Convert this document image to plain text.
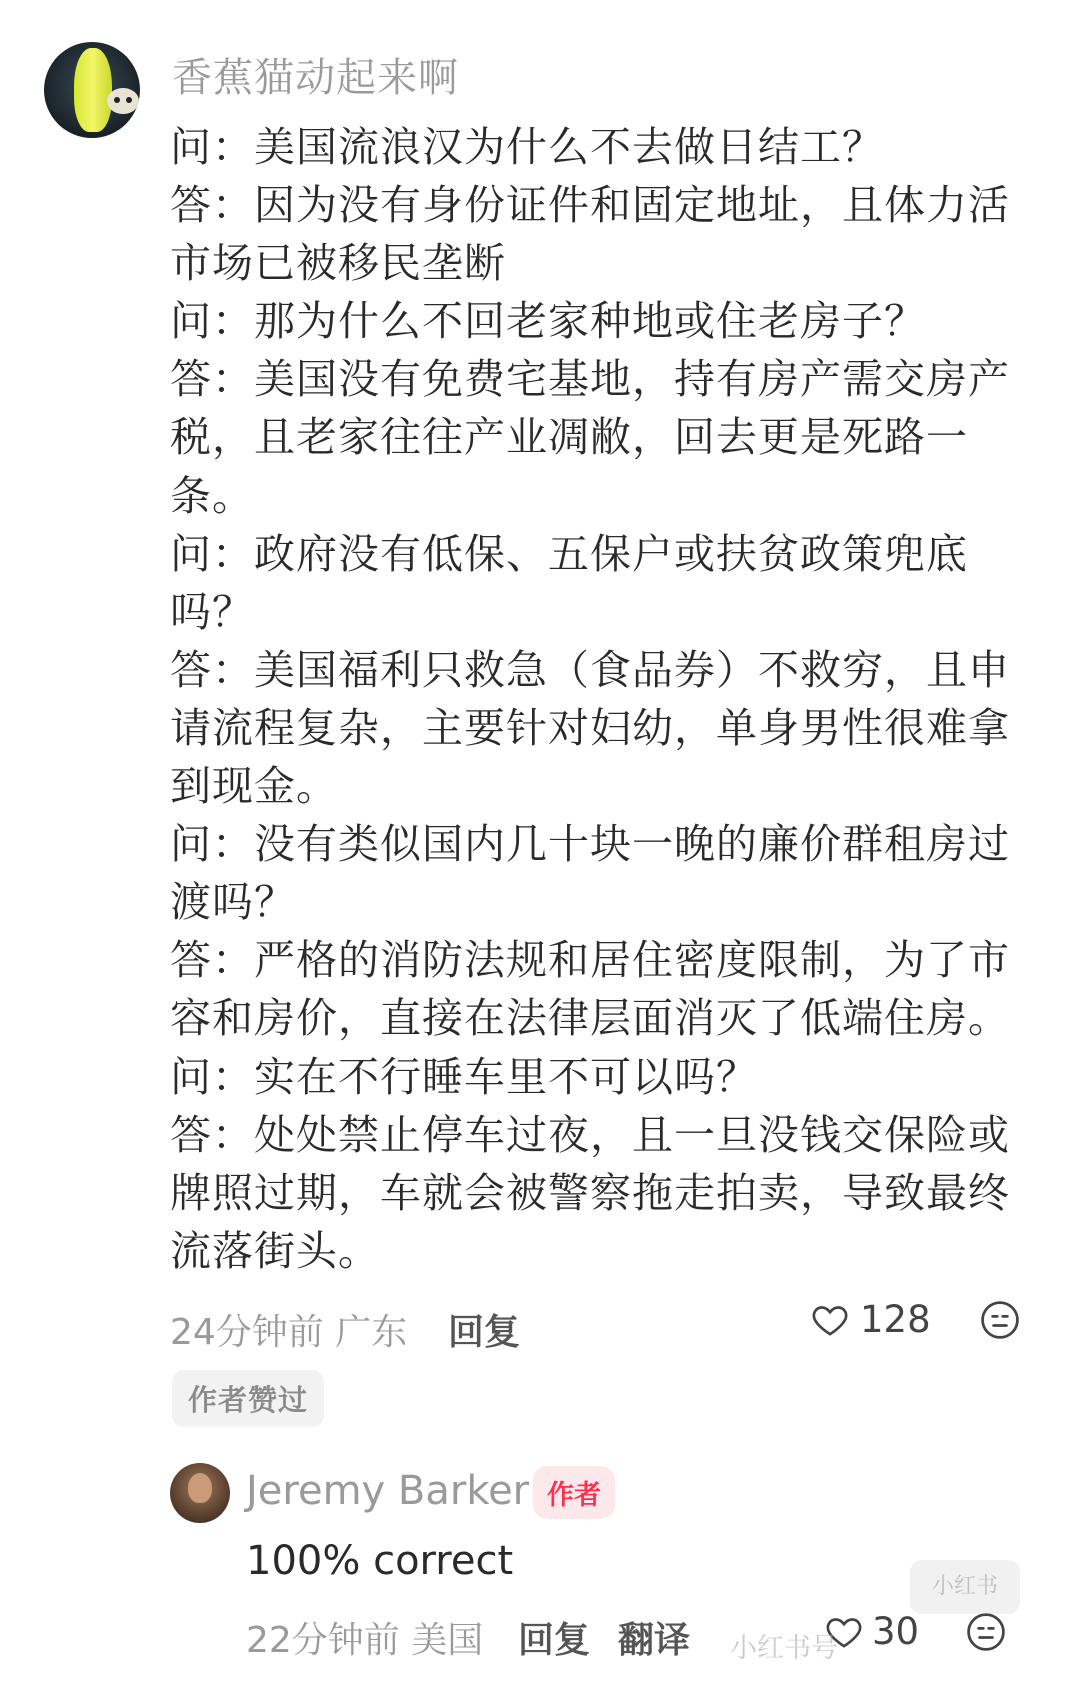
香蕉猫动起来啊
问：美国流浪汉为什么不去做日结工？
答：因为没有身份证件和固定地址，且体力活
市场已被移民垄断
问：那为什么不回老家种地或住老房子？
答：美国没有免费宅基地，持有房产需交房产
税，且老家往往产业凋敝，回去更是死路一
条。
问：政府没有低保、五保户或扶贫政策兜底
吗？
答：美国福利只救急（食品券）不救穷，且申
请流程复杂，主要针对妇幼，单身男性很难拿
到现金。
问：没有类似国内几十块一晚的廉价群租房过
渡吗？
答：严格的消防法规和居住密度限制，为了市
容和房价，直接在法律层面消灭了低端住房。
问：实在不行睡车里不可以吗？
答：处处禁止停车过夜，且一旦没钱交保险或
牌照过期，车就会被警察拖走拍卖，导致最终
流落街头。
24分钟前 广东 回复	128
作者赞过
Jeremy Barker 作者
100% correct
22分钟前 美国 回复 翻译	30
小红书
小红书号
